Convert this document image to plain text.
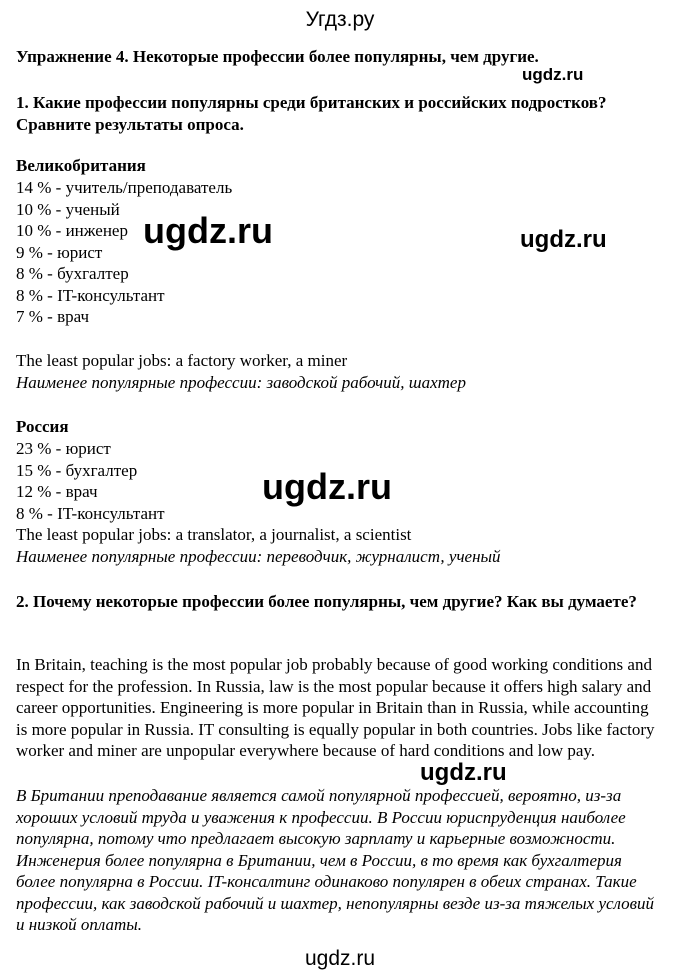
Угдз.ру
Упражнение 4. Некоторые профессии более популярны, чем другие.
1. Какие профессии популярны среди британских и российских подростков? Сравните результаты опроса.
Великобритания
14 % - учитель/преподаватель
10 % - ученый
10 % - инженер
9 % - юрист
8 % - бухгалтер
8 % - IT-консультант
7 % - врач
The least popular jobs: a factory worker, a miner
Наименее популярные профессии: заводской рабочий, шахтер
Россия
23 % - юрист
15 % - бухгалтер
12 % - врач
8 % - IT-консультант
The least popular jobs: a translator, a journalist, a scientist
Наименее популярные профессии: переводчик, журналист, ученый
2. Почему некоторые профессии более популярны, чем другие? Как вы думаете?
In Britain, teaching is the most popular job probably because of good working conditions and respect for the profession. In Russia, law is the most popular because it offers high salary and career opportunities. Engineering is more popular in Britain than in Russia, while accounting is more popular in Russia. IT consulting is equally popular in both countries. Jobs like factory worker and miner are unpopular everywhere because of hard conditions and low pay.
В Британии преподавание является самой популярной профессией, вероятно, из-за хороших условий труда и уважения к профессии. В России юриспруденция наиболее популярна, потому что предлагает высокую зарплату и карьерные возможности. Инженерия более популярна в Британии, чем в России, в то время как бухгалтерия более популярна в России. IT-консалтинг одинаково популярен в обеих странах. Такие профессии, как заводской рабочий и шахтер, непопулярны везде из-за тяжелых условий и низкой оплаты.
ugdz.ru
ugdz.ru	ugdz.ru
ugdz.ru
ugdz.ru
ugdz.ru
